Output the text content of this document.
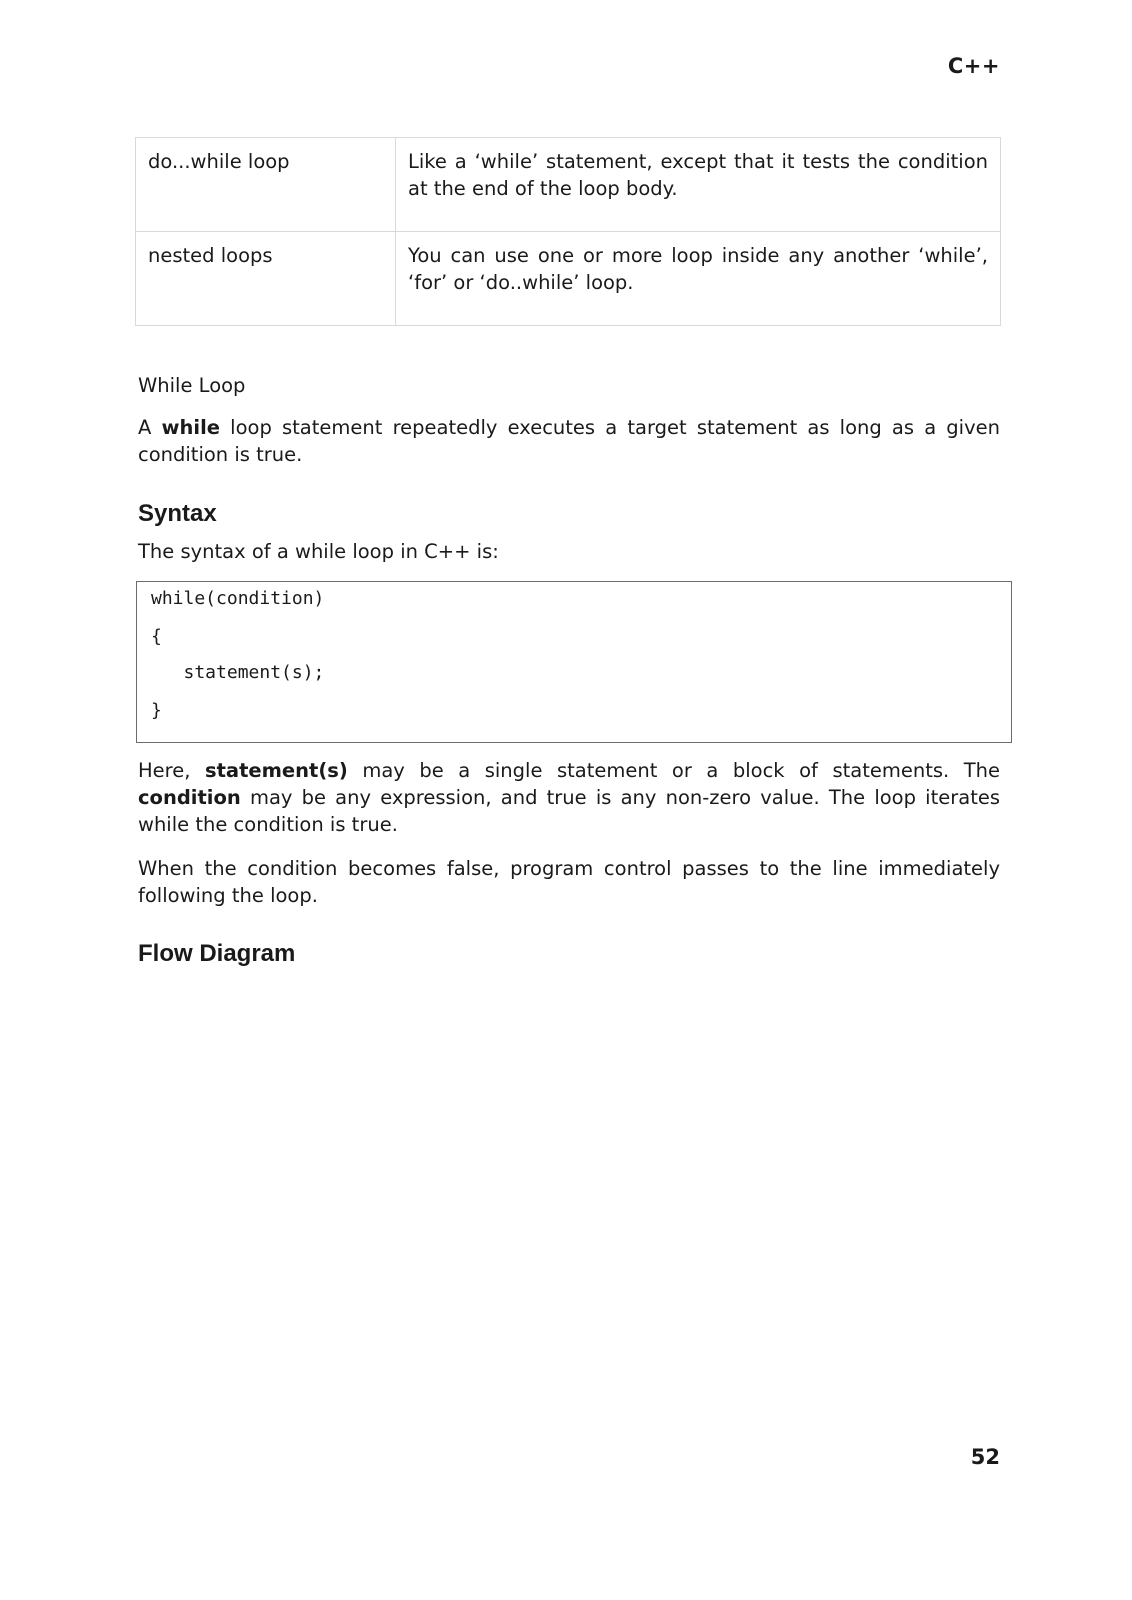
C++
do...while loop	Like a ‘while’ statement, except that it tests the condition at the end of the loop body.
nested loops	You can use one or more loop inside any another ‘while’, ‘for’ or ‘do..while’ loop.
While Loop

A while loop statement repeatedly executes a target statement as long as a given condition is true.

Syntax
The syntax of a while loop in C++ is:
while(condition)
{
statement(s);
}

Here, statement(s) may be a single statement or a block of statements. The condition may be any expression, and true is any non-zero value. The loop iterates while the condition is true.

When the condition becomes false, program control passes to the line immediately following the loop.

Flow Diagram
52
